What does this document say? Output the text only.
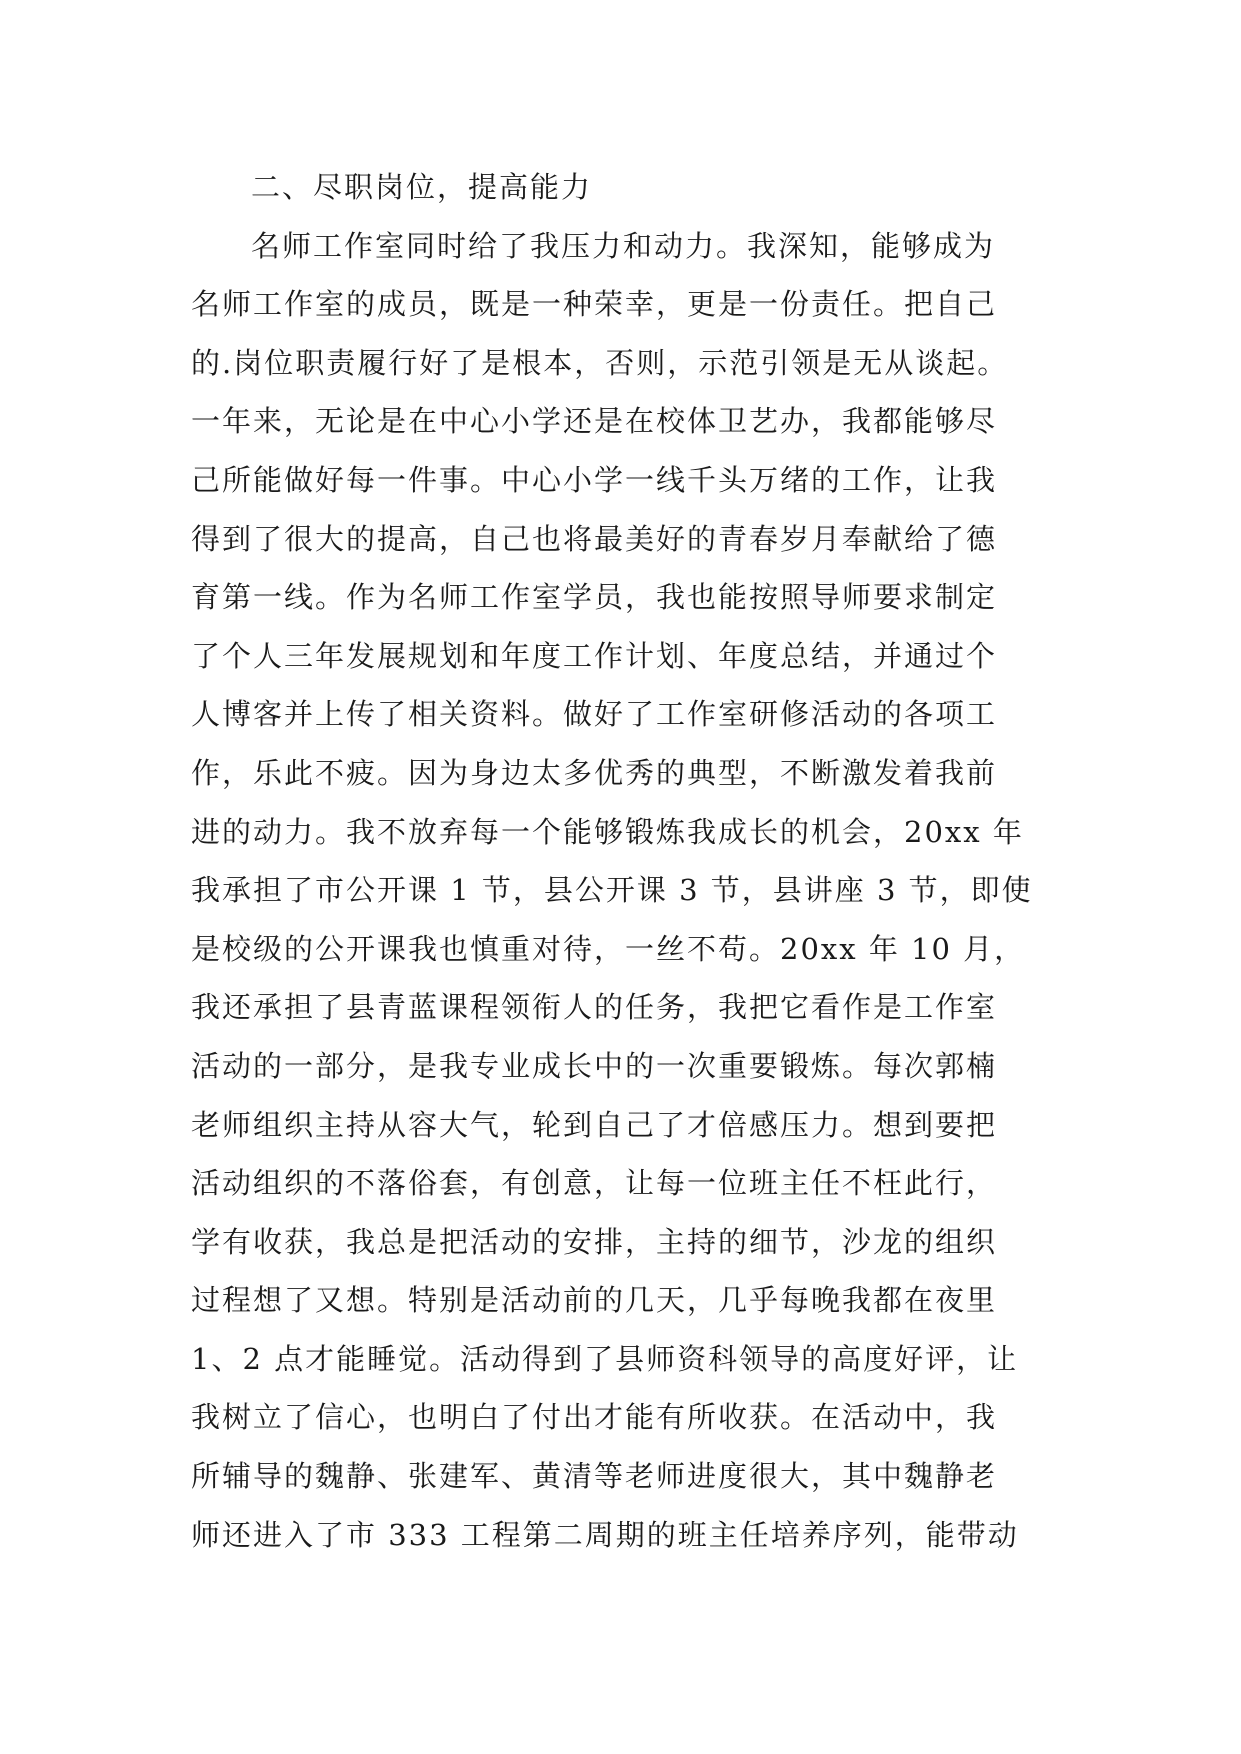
二、尽职岗位，提高能力
名师工作室同时给了我压力和动力。我深知，能够成为
名师工作室的成员，既是一种荣幸，更是一份责任。把自己
的.岗位职责履行好了是根本，否则，示范引领是无从谈起。
一年来，无论是在中心小学还是在校体卫艺办，我都能够尽
己所能做好每一件事。中心小学一线千头万绪的工作，让我
得到了很大的提高，自己也将最美好的青春岁月奉献给了德
育第一线。作为名师工作室学员，我也能按照导师要求制定
了个人三年发展规划和年度工作计划、年度总结，并通过个
人博客并上传了相关资料。做好了工作室研修活动的各项工
作，乐此不疲。因为身边太多优秀的典型，不断激发着我前
进的动力。我不放弃每一个能够锻炼我成长的机会，20xx 年
我承担了市公开课 1 节，县公开课 3 节，县讲座 3 节，即使
是校级的公开课我也慎重对待，一丝不苟。20xx 年 10 月，
我还承担了县青蓝课程领衔人的任务，我把它看作是工作室
活动的一部分，是我专业成长中的一次重要锻炼。每次郭楠
老师组织主持从容大气，轮到自己了才倍感压力。想到要把
活动组织的不落俗套，有创意，让每一位班主任不枉此行，
学有收获，我总是把活动的安排，主持的细节，沙龙的组织
过程想了又想。特别是活动前的几天，几乎每晚我都在夜里
1、2 点才能睡觉。活动得到了县师资科领导的高度好评，让
我树立了信心，也明白了付出才能有所收获。在活动中，我
所辅导的魏静、张建军、黄清等老师进度很大，其中魏静老
师还进入了市 333 工程第二周期的班主任培养序列，能带动
